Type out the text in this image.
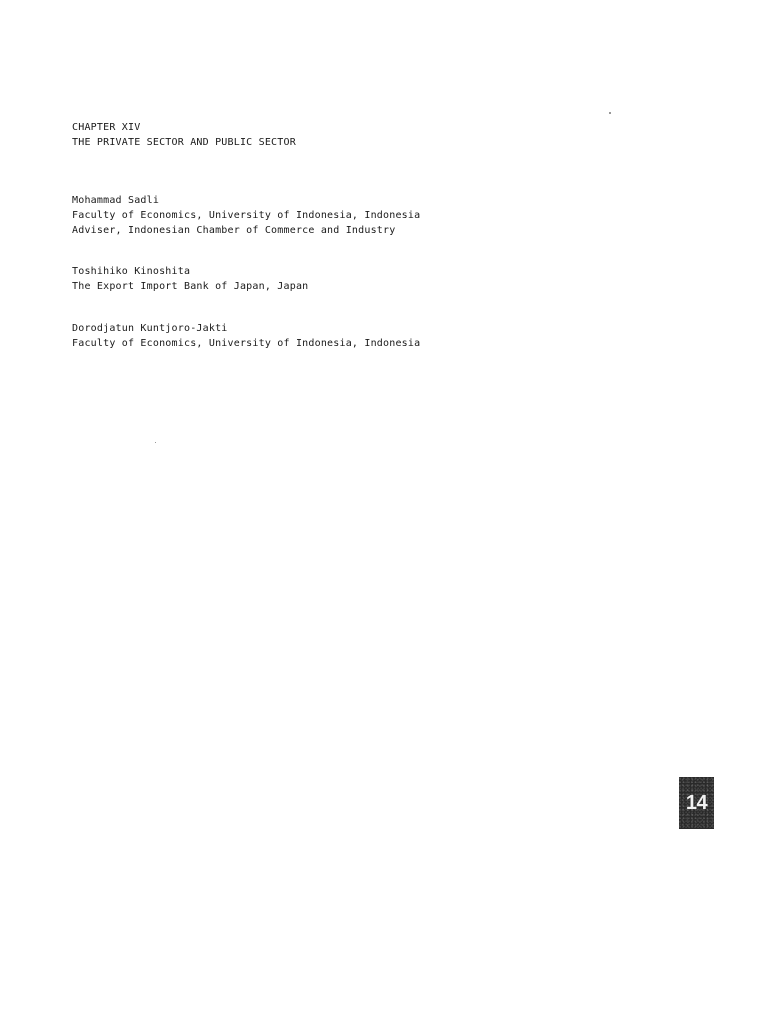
CHAPTER XIV
THE PRIVATE SECTOR AND PUBLIC SECTOR
Mohammad Sadli
Faculty of Economics, University of Indonesia, Indonesia
Adviser, Indonesian Chamber of Commerce and Industry
Toshihiko Kinoshita
The Export Import Bank of Japan, Japan
Dorodjatun Kuntjoro-Jakti
Faculty of Economics, University of Indonesia, Indonesia
14
